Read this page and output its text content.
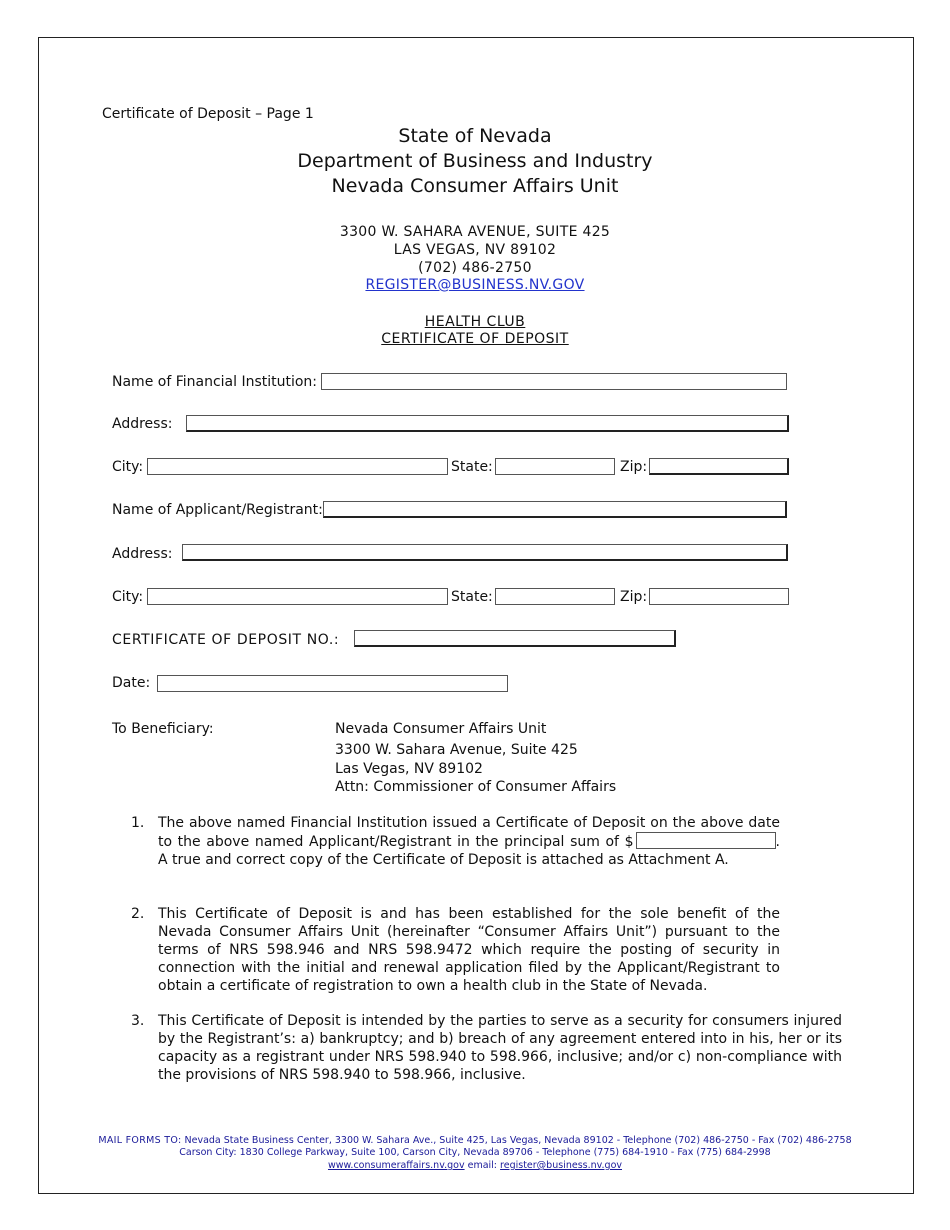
Certificate of Deposit – Page 1
State of Nevada
Department of Business and Industry
Nevada Consumer Affairs Unit
3300 W. SAHARA AVENUE, SUITE 425
LAS VEGAS, NV 89102
(702) 486-2750
REGISTER@BUSINESS.NV.GOV
HEALTH CLUB
CERTIFICATE OF DEPOSIT
Name of Financial Institution:
Address:
City:	State:	Zip:
Name of Applicant/Registrant:
Address:
City:	State:	Zip:
CERTIFICATE OF DEPOSIT NO.:
Date:
To Beneficiary:	Nevada Consumer Affairs Unit
3300 W. Sahara Avenue, Suite 425
Las Vegas, NV 89102
Attn: Commissioner of Consumer Affairs
1. The above named Financial Institution issued a Certificate of Deposit on the above date to the above named Applicant/Registrant in the principal sum of $	. A true and correct copy of the Certificate of Deposit is attached as Attachment A.
2. This Certificate of Deposit is and has been established for the sole benefit of the Nevada Consumer Affairs Unit (hereinafter “Consumer Affairs Unit”) pursuant to the terms of NRS 598.946 and NRS 598.9472 which require the posting of security in connection with the initial and renewal application filed by the Applicant/Registrant to obtain a certificate of registration to own a health club in the State of Nevada.
3. This Certificate of Deposit is intended by the parties to serve as a security for consumers injured by the Registrant’s: a) bankruptcy; and b) breach of any agreement entered into in his, her or its capacity as a registrant under NRS 598.940 to 598.966, inclusive; and/or c) non-compliance with the provisions of NRS 598.940 to 598.966, inclusive.
MAIL FORMS TO: Nevada State Business Center, 3300 W. Sahara Ave., Suite 425, Las Vegas, Nevada 89102 - Telephone (702) 486-2750 - Fax (702) 486-2758
Carson City: 1830 College Parkway, Suite 100, Carson City, Nevada 89706 - Telephone (775) 684-1910 - Fax (775) 684-2998
www.consumeraffairs.nv.gov email: register@business.nv.gov
